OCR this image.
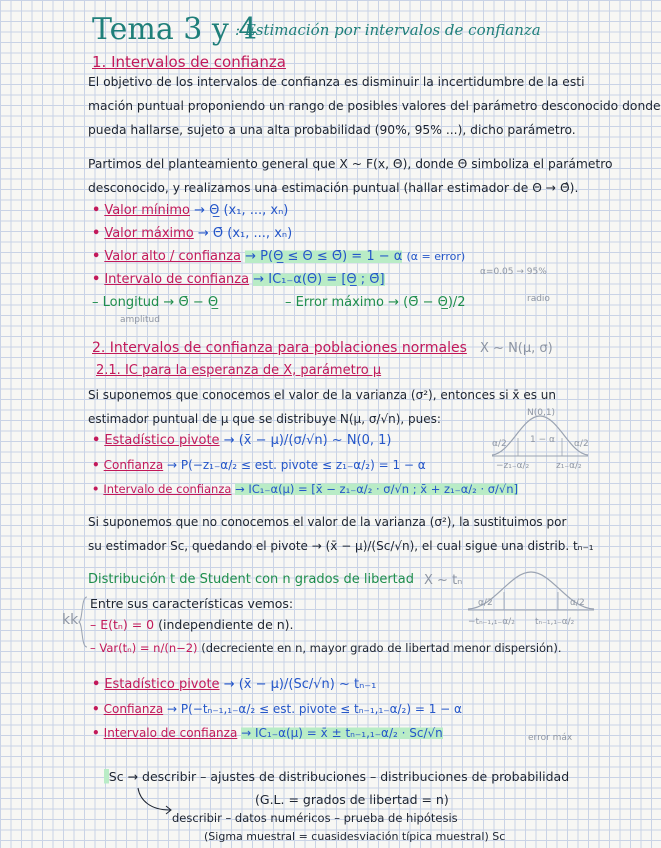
Tema 3 y 4
: Estimación por intervalos de confianza
1. Intervalos de confianza
El objetivo de los intervalos de confianza es disminuir la incertidumbre de la esti
mación puntual proponiendo un rango de posibles valores del parámetro desconocido donde
pueda hallarse, sujeto a una alta probabilidad (90%, 95% ...), dicho parámetro.
Partimos del planteamiento general que X ~ F(x, Θ), donde Θ simboliza el parámetro
desconocido, y realizamos una estimación puntual (hallar estimador de Θ → Θ̂).
• Valor mínimo → Θ̲ (x₁, ..., xₙ)
• Valor máximo → Θ̄ (x₁, ..., xₙ)
• Valor alto / confianza → P(Θ̲ ≤ Θ ≤ Θ̄) = 1 − α (α = error)
α=0.05 → 95%
• Intervalo de confianza → IC₁₋α(Θ) = [Θ̲ ; Θ̄]
– Longitud → Θ̄ − Θ̲
amplitud
– Error máximo → (Θ̄ − Θ̲)/2	radio
2. Intervalos de confianza para poblaciones normales X ~ N(μ, σ)
2.1. IC para la esperanza de X, parámetro μ
Si suponemos que conocemos el valor de la varianza (σ²), entonces si x̄ es un
estimador puntual de μ que se distribuye N(μ, σ/√n), pues:
• Estadístico pivote → (x̄ − μ)/(σ/√n) ~ N(0, 1)
• Confianza → P(−z₁₋α/₂ ≤ est. pivote ≤ z₁₋α/₂) = 1 − α
• Intervalo de confianza → IC₁₋α(μ) = [x̄ − z₁₋α/₂ · σ/√n ; x̄ + z₁₋α/₂ · σ/√n]
N(0,1)
1 − α
α/2	α/2
−z₁₋α/₂	z₁₋α/₂
Si suponemos que no conocemos el valor de la varianza (σ²), la sustituimos por
su estimador Sc, quedando el pivote → (x̄ − μ)/(Sc/√n), el cual sigue una distrib. tₙ₋₁
Distribución t de Student con n grados de libertad X ~ tₙ
α/2	α/2
−tₙ₋₁,₁₋α/₂ tₙ₋₁,₁₋α/₂
kk
Entre sus características vemos:
– E(tₙ) = 0 (independiente de n).
– Var(tₙ) = n/(n−2) (decreciente en n, mayor grado de libertad menor dispersión).
• Estadístico pivote → (x̄ − μ)/(Sc/√n) ~ tₙ₋₁
• Confianza → P(−tₙ₋₁,₁₋α/₂ ≤ est. pivote ≤ tₙ₋₁,₁₋α/₂) = 1 − α
• Intervalo de confianza → IC₁₋α(μ) = x̄ ± tₙ₋₁,₁₋α/₂ · Sc/√n	error máx
Sc → describir – ajustes de distribuciones – distribuciones de probabilidad
(G.L. = grados de libertad = n)
describir – datos numéricos – prueba de hipótesis
(Sigma muestral = cuasidesviación típica muestral) Sc
